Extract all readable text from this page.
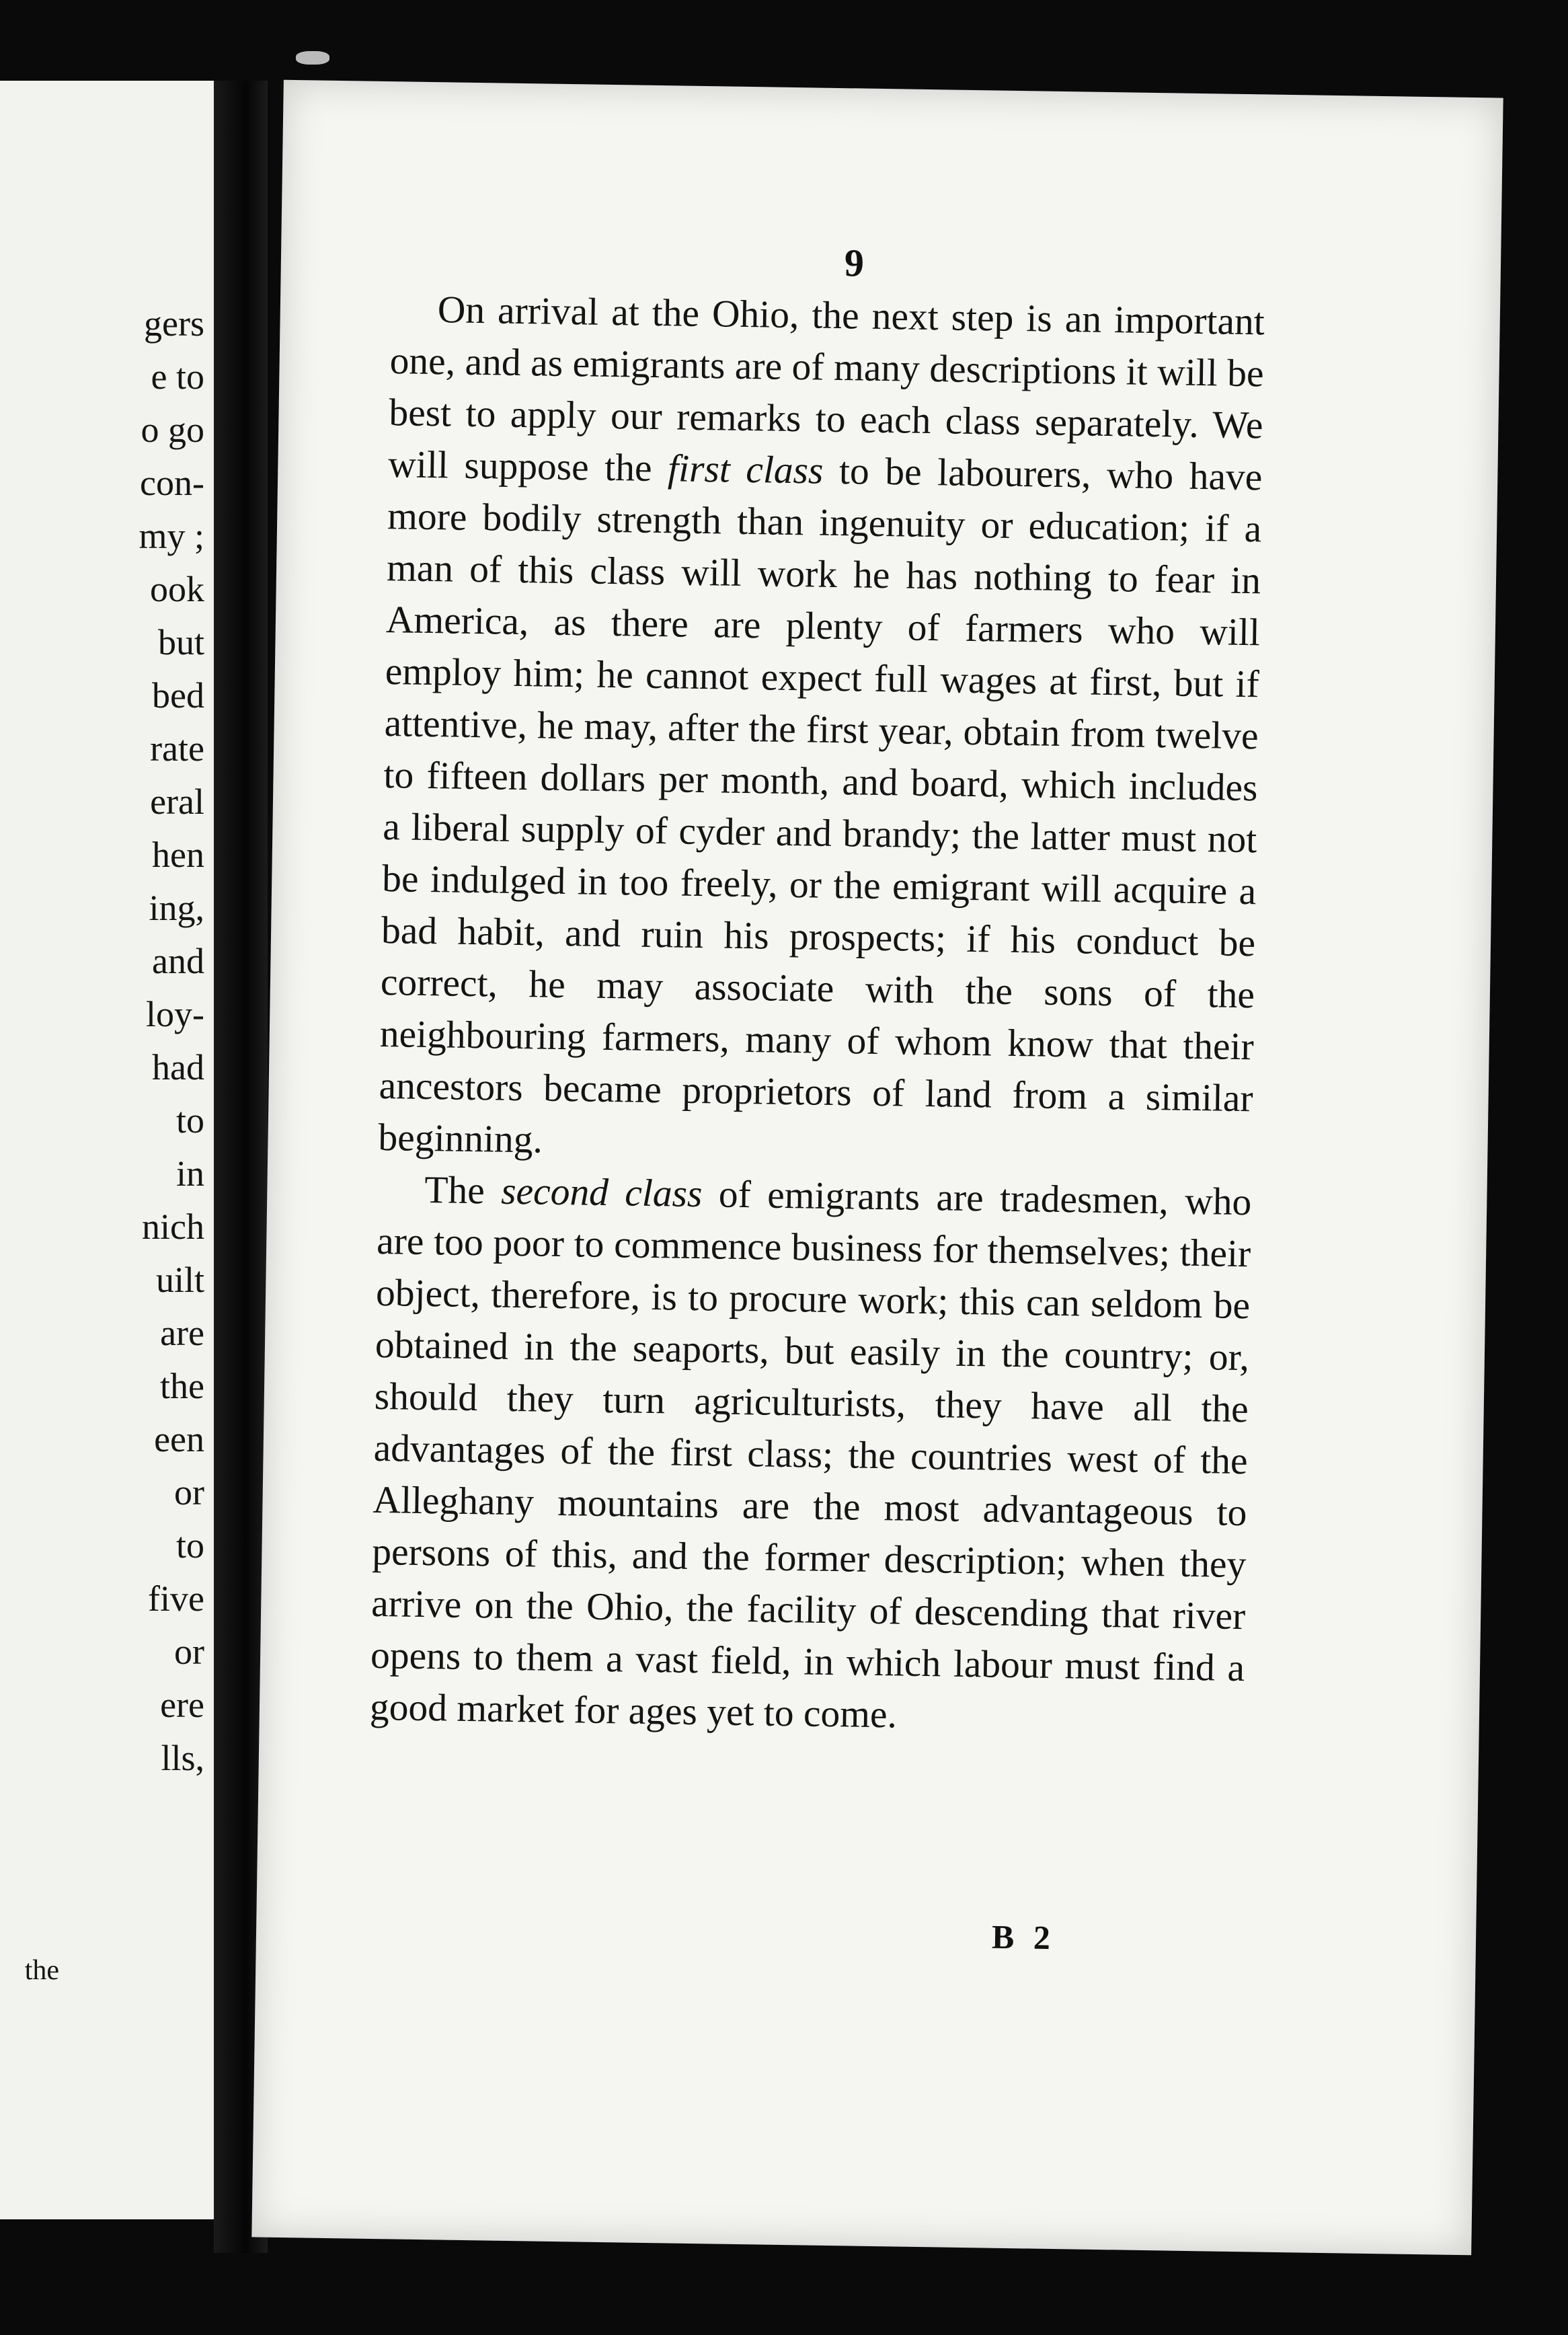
gers
e to
o go
con-
my ;
ook
but
bed
rate
eral
hen
ing,
and
loy-
had
to
in
nich
uilt
are
the
een
or
to
five
or
ere
lls,
the
9

On arrival at the Ohio, the next step is an important one, and as emigrants are of many descriptions it will be best to apply our remarks to each class separately. We will suppose the first class to be labourers, who have more bodily strength than ingenuity or education; if a man of this class will work he has nothing to fear in America, as there are plenty of farmers who will employ him; he cannot expect full wages at first, but if attentive, he may, after the first year, obtain from twelve to fifteen dollars per month, and board, which includes a liberal supply of cyder and brandy; the latter must not be indulged in too freely, or the emigrant will acquire a bad habit, and ruin his prospects; if his conduct be correct, he may associate with the sons of the neighbouring farmers, many of whom know that their ancestors became proprietors of land from a similar beginning.

The second class of emigrants are tradesmen, who are too poor to commence business for themselves; their object, therefore, is to procure work; this can seldom be obtained in the seaports, but easily in the country; or, should they turn agriculturists, they have all the advantages of the first class; the countries west of the Alleghany mountains are the most advantageous to persons of this, and the former description; when they arrive on the Ohio, the facility of descending that river opens to them a vast field, in which labour must find a good market for ages yet to come.

B 2
